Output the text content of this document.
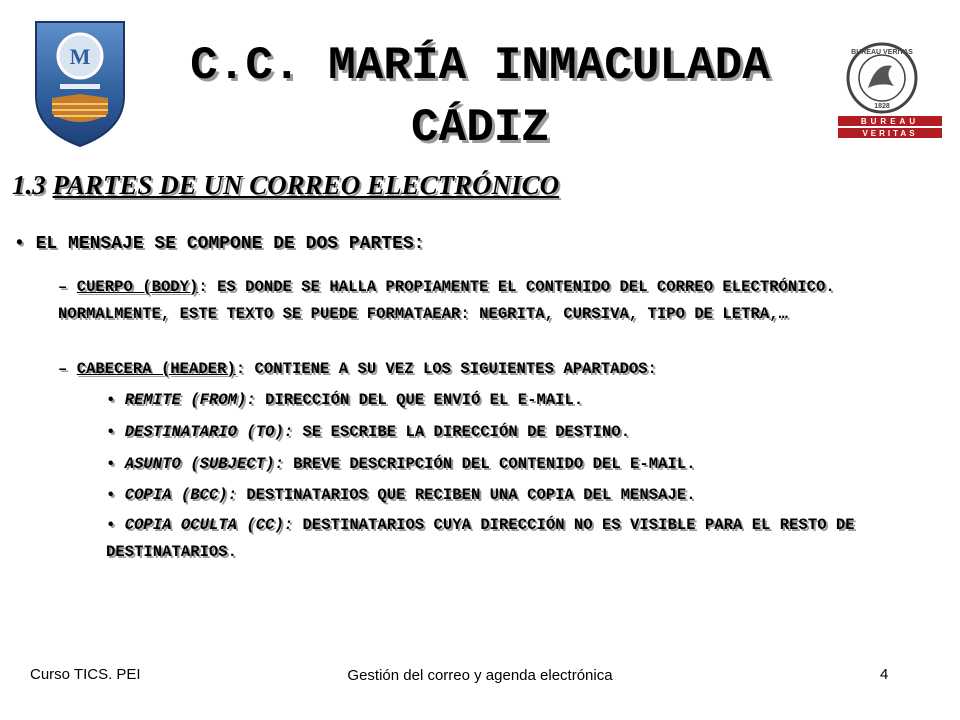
M	C.C. MARÍA INMACULADA
CÁDIZ
BUREAU VERITAS
1828
BUREAU
VERITAS
1.3 PARTES DE UN CORREO ELECTRÓNICO
• EL MENSAJE SE COMPONE DE DOS PARTES:
– CUERPO (BODY): ES DONDE SE HALLA PROPIAMENTE EL CONTENIDO DEL CORREO ELECTRÓNICO. NORMALMENTE, ESTE TEXTO SE PUEDE FORMATAEAR: NEGRITA, CURSIVA, TIPO DE LETRA,…
– CABECERA (HEADER): CONTIENE A SU VEZ LOS SIGUIENTES APARTADOS:
• REMITE (FROM): DIRECCIÓN DEL QUE ENVIÓ EL E-MAIL.
• DESTINATARIO (TO): SE ESCRIBE LA DIRECCIÓN DE DESTINO.
• ASUNTO (SUBJECT): BREVE DESCRIPCIÓN DEL CONTENIDO DEL E-MAIL.
• COPIA (BCC): DESTINATARIOS QUE RECIBEN UNA COPIA DEL MENSAJE.
• COPIA OCULTA (CC): DESTINATARIOS CUYA DIRECCIÓN NO ES VISIBLE PARA EL RESTO DE DESTINATARIOS.
Curso TICS. PEI	Gestión del correo y agenda electrónica	4
